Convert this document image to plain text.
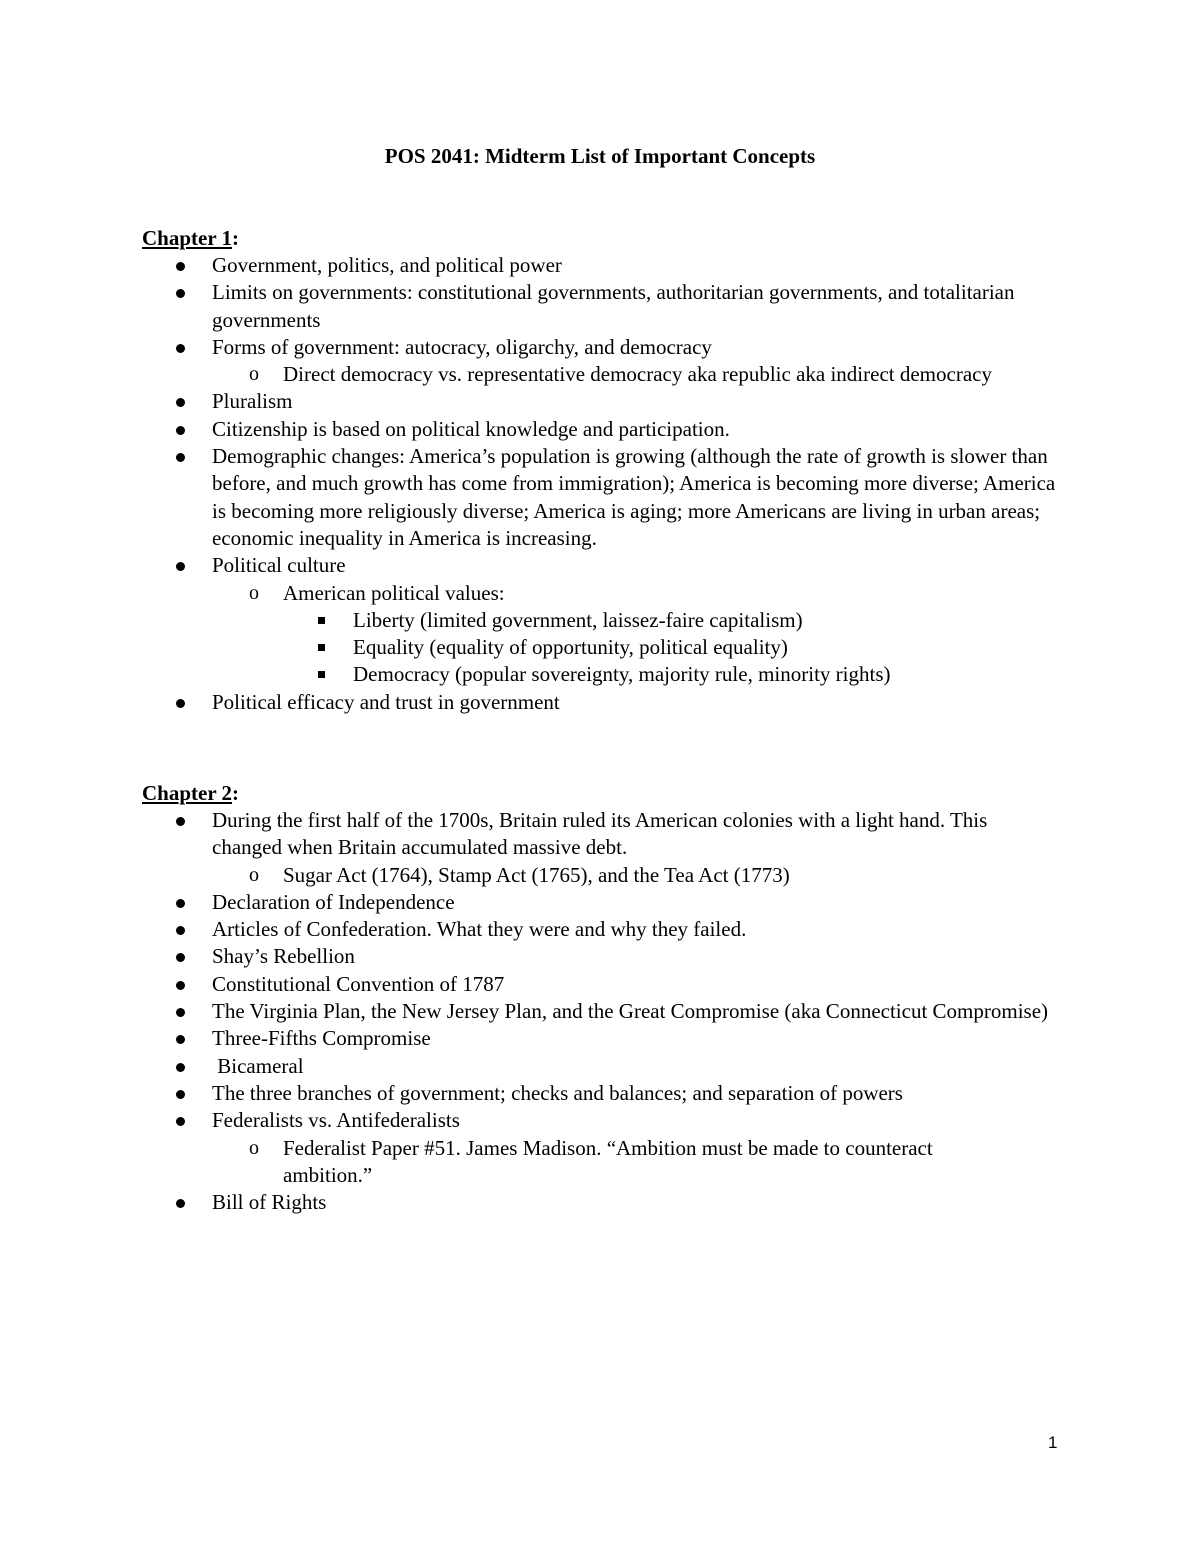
POS 2041: Midterm List of Important Concepts
Chapter 1:
Government, politics, and political power
Limits on governments: constitutional governments, authoritarian governments, and totalitarian governments
Forms of government: autocracy, oligarchy, and democracy
o Direct democracy vs. representative democracy aka republic aka indirect democracy
Pluralism
Citizenship is based on political knowledge and participation.
Demographic changes: America’s population is growing (although the rate of growth is slower than before, and much growth has come from immigration); America is becoming more diverse; America is becoming more religiously diverse; America is aging; more Americans are living in urban areas; economic inequality in America is increasing.
Political culture
o American political values:
Liberty (limited government, laissez-faire capitalism)
Equality (equality of opportunity, political equality)
Democracy (popular sovereignty, majority rule, minority rights)
Political efficacy and trust in government
Chapter 2:
During the first half of the 1700s, Britain ruled its American colonies with a light hand. This changed when Britain accumulated massive debt.
o Sugar Act (1764), Stamp Act (1765), and the Tea Act (1773)
Declaration of Independence
Articles of Confederation. What they were and why they failed.
Shay’s Rebellion
Constitutional Convention of 1787
The Virginia Plan, the New Jersey Plan, and the Great Compromise (aka Connecticut Compromise)
Three-Fifths Compromise
Bicameral
The three branches of government; checks and balances; and separation of powers
Federalists vs. Antifederalists
o Federalist Paper #51. James Madison. “Ambition must be made to counteract ambition.”
Bill of Rights
1
